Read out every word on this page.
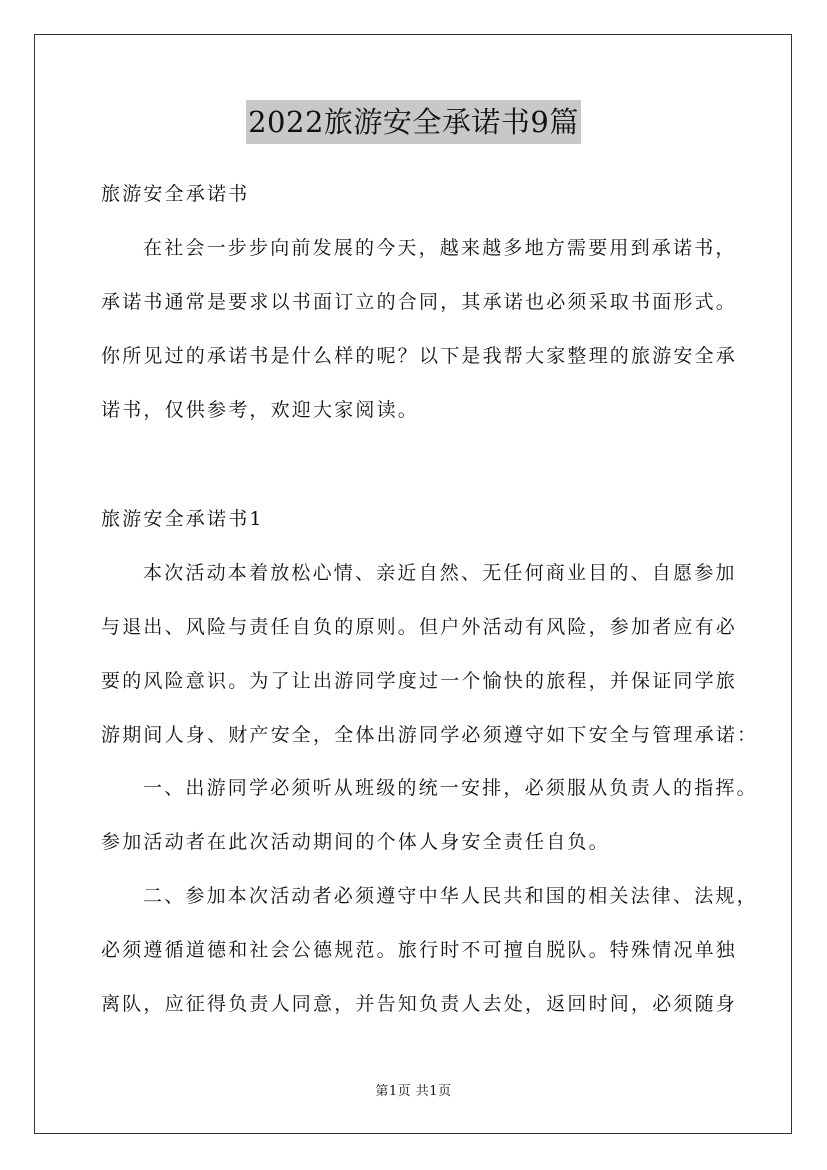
2022旅游安全承诺书9篇
旅游安全承诺书
在社会一步步向前发展的今天，越来越多地方需要用到承诺书，
承诺书通常是要求以书面订立的合同，其承诺也必须采取书面形式。
你所见过的承诺书是什么样的呢？以下是我帮大家整理的旅游安全承
诺书，仅供参考，欢迎大家阅读。
旅游安全承诺书1
本次活动本着放松心情、亲近自然、无任何商业目的、自愿参加
与退出、风险与责任自负的原则。但户外活动有风险，参加者应有必
要的风险意识。为了让出游同学度过一个愉快的旅程，并保证同学旅
游期间人身、财产安全，全体出游同学必须遵守如下安全与管理承诺：
一、出游同学必须听从班级的统一安排，必须服从负责人的指挥。
参加活动者在此次活动期间的个体人身安全责任自负。
二、参加本次活动者必须遵守中华人民共和国的相关法律、法规，
必须遵循道德和社会公德规范。旅行时不可擅自脱队。特殊情况单独
离队，应征得负责人同意，并告知负责人去处，返回时间，必须随身
第1页 共1页
